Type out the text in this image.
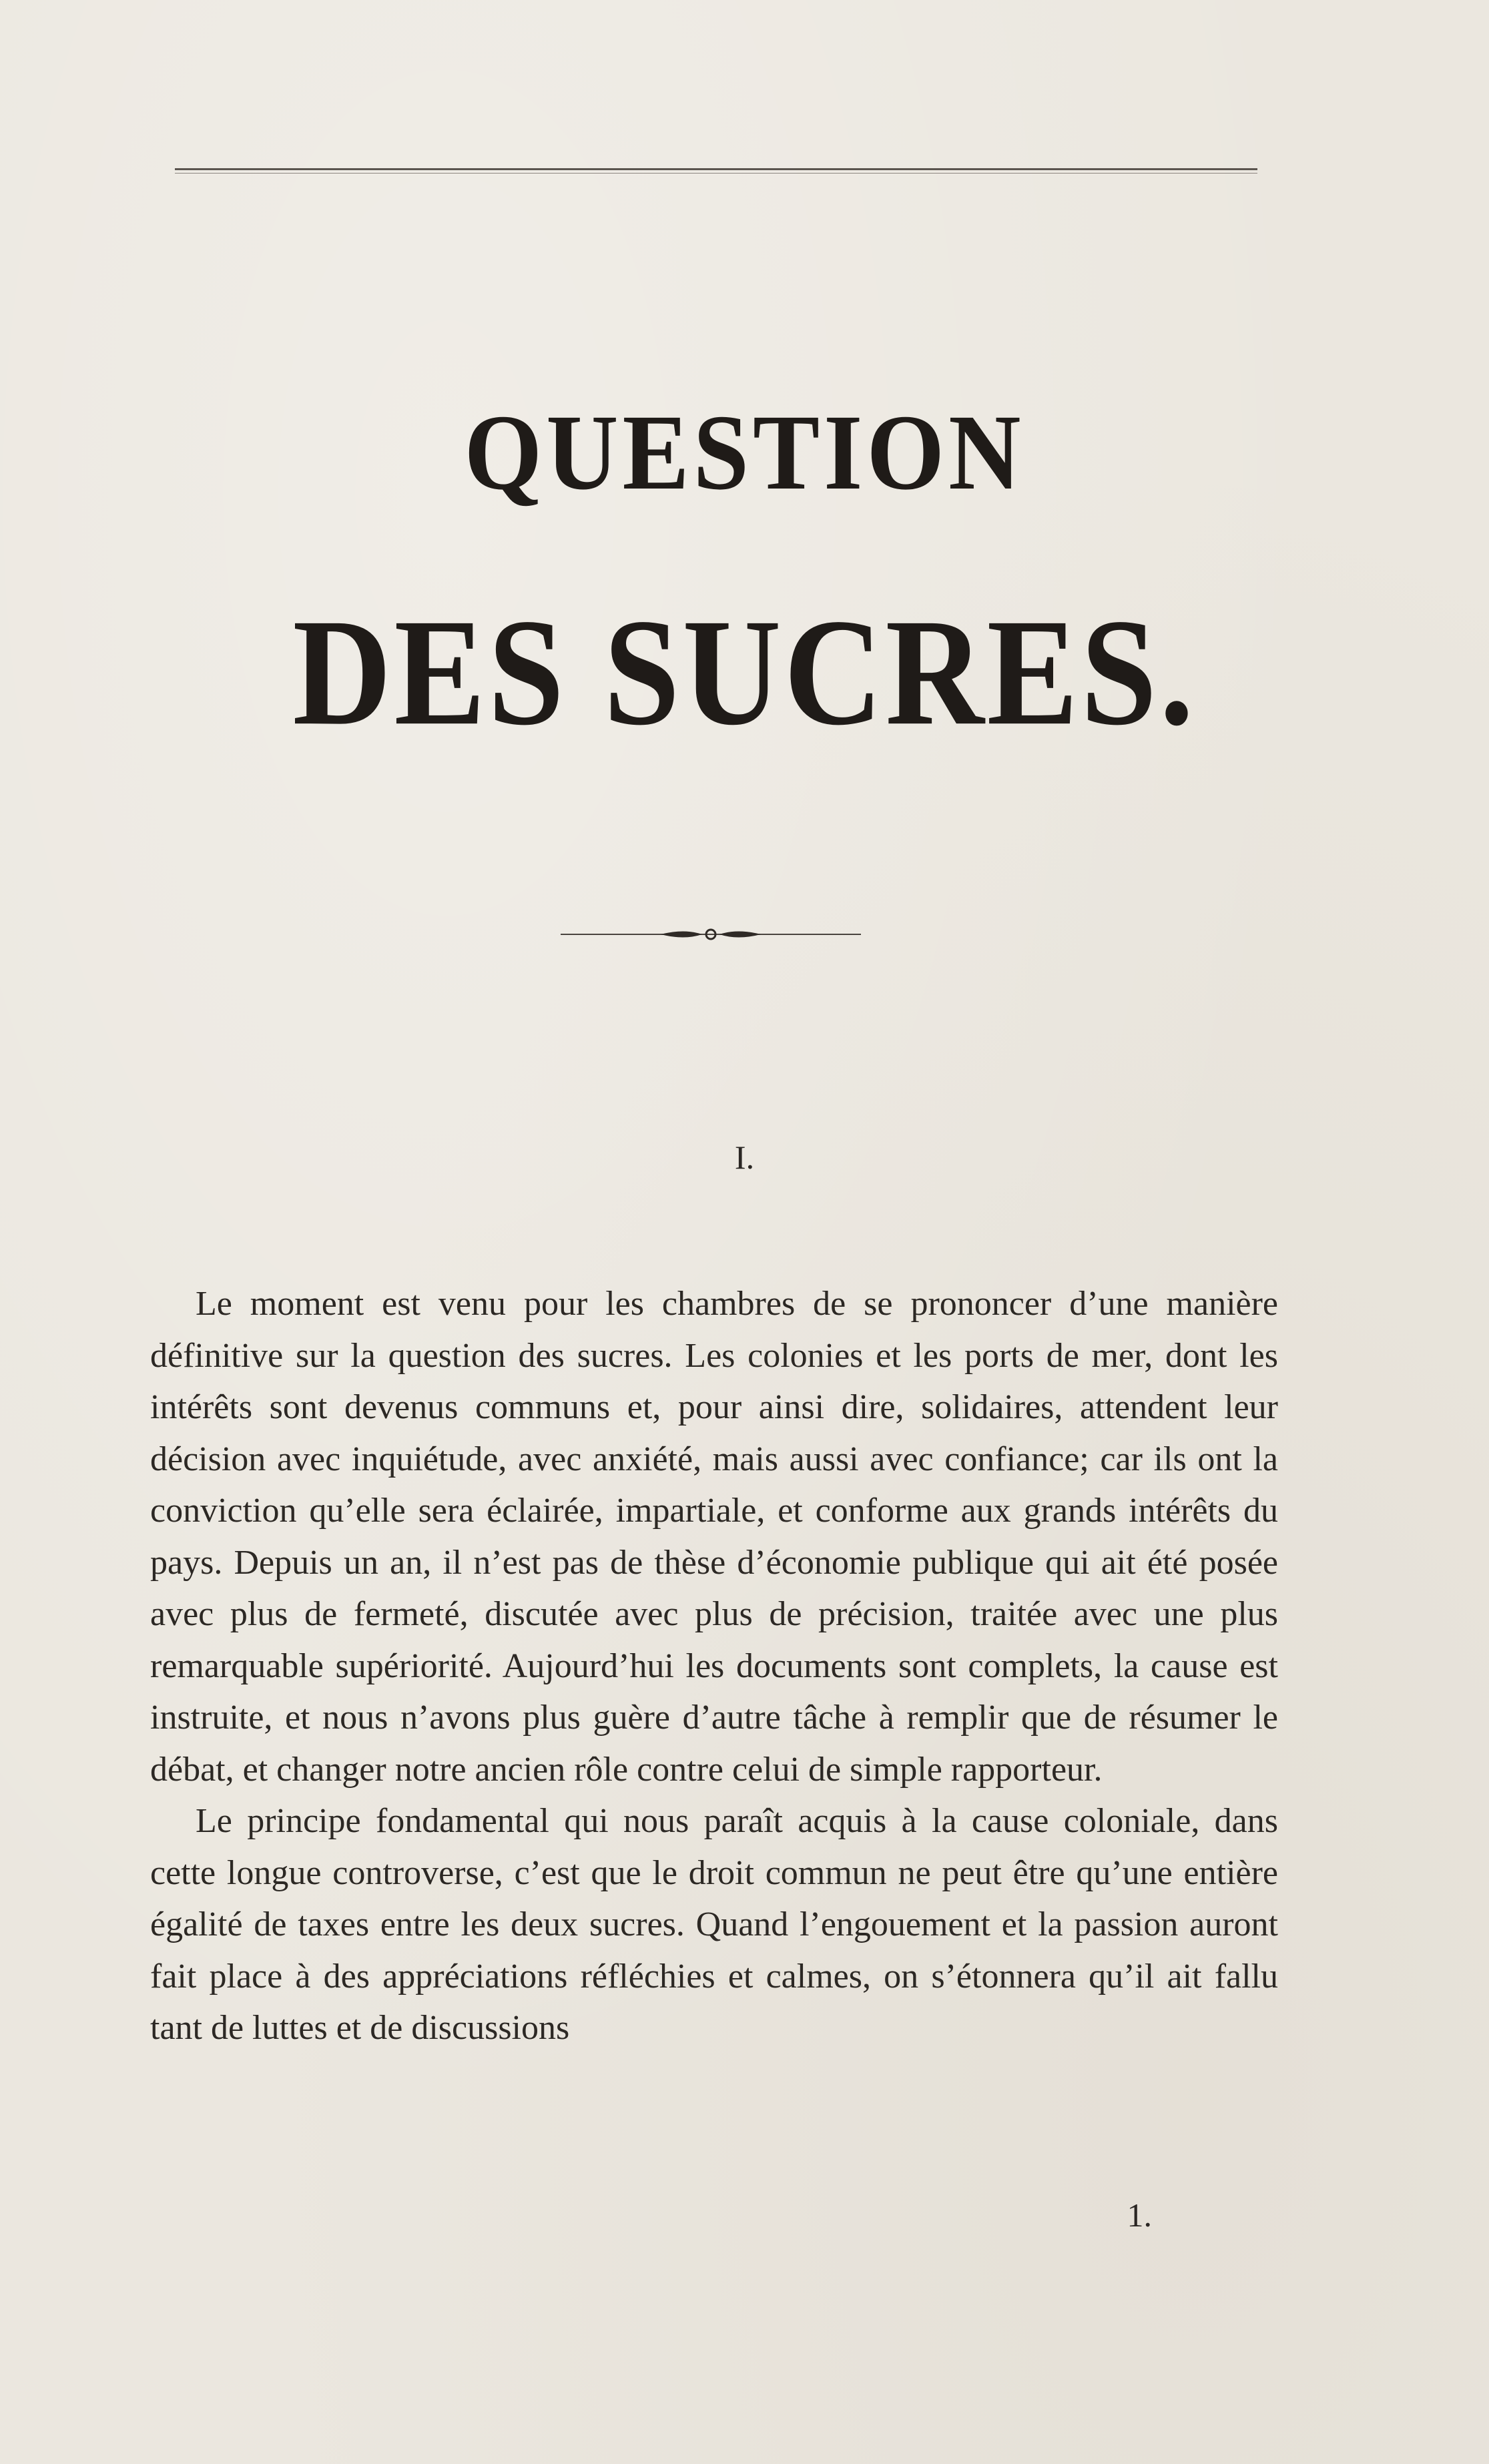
QUESTION
DES SUCRES.
I.

Le moment est venu pour les chambres de se prononcer d’une manière définitive sur la question des sucres. Les colonies et les ports de mer, dont les intérêts sont devenus communs et, pour ainsi dire, solidaires, attendent leur décision avec inquiétude, avec anxiété, mais aussi avec confiance; car ils ont la conviction qu’elle sera éclairée, impartiale, et conforme aux grands intérêts du pays. Depuis un an, il n’est pas de thèse d’économie publique qui ait été posée avec plus de fermeté, discutée avec plus de précision, traitée avec une plus remarquable supériorité. Aujourd’hui les documents sont complets, la cause est instruite, et nous n’avons plus guère d’autre tâche à remplir que de résumer le débat, et changer notre ancien rôle contre celui de simple rapporteur.

Le principe fondamental qui nous paraît acquis à la cause coloniale, dans cette longue controverse, c’est que le droit commun ne peut être qu’une entière égalité de taxes entre les deux sucres. Quand l’engouement et la passion auront fait place à des appréciations réfléchies et calmes, on s’étonnera qu’il ait fallu tant de luttes et de discussions

1.
